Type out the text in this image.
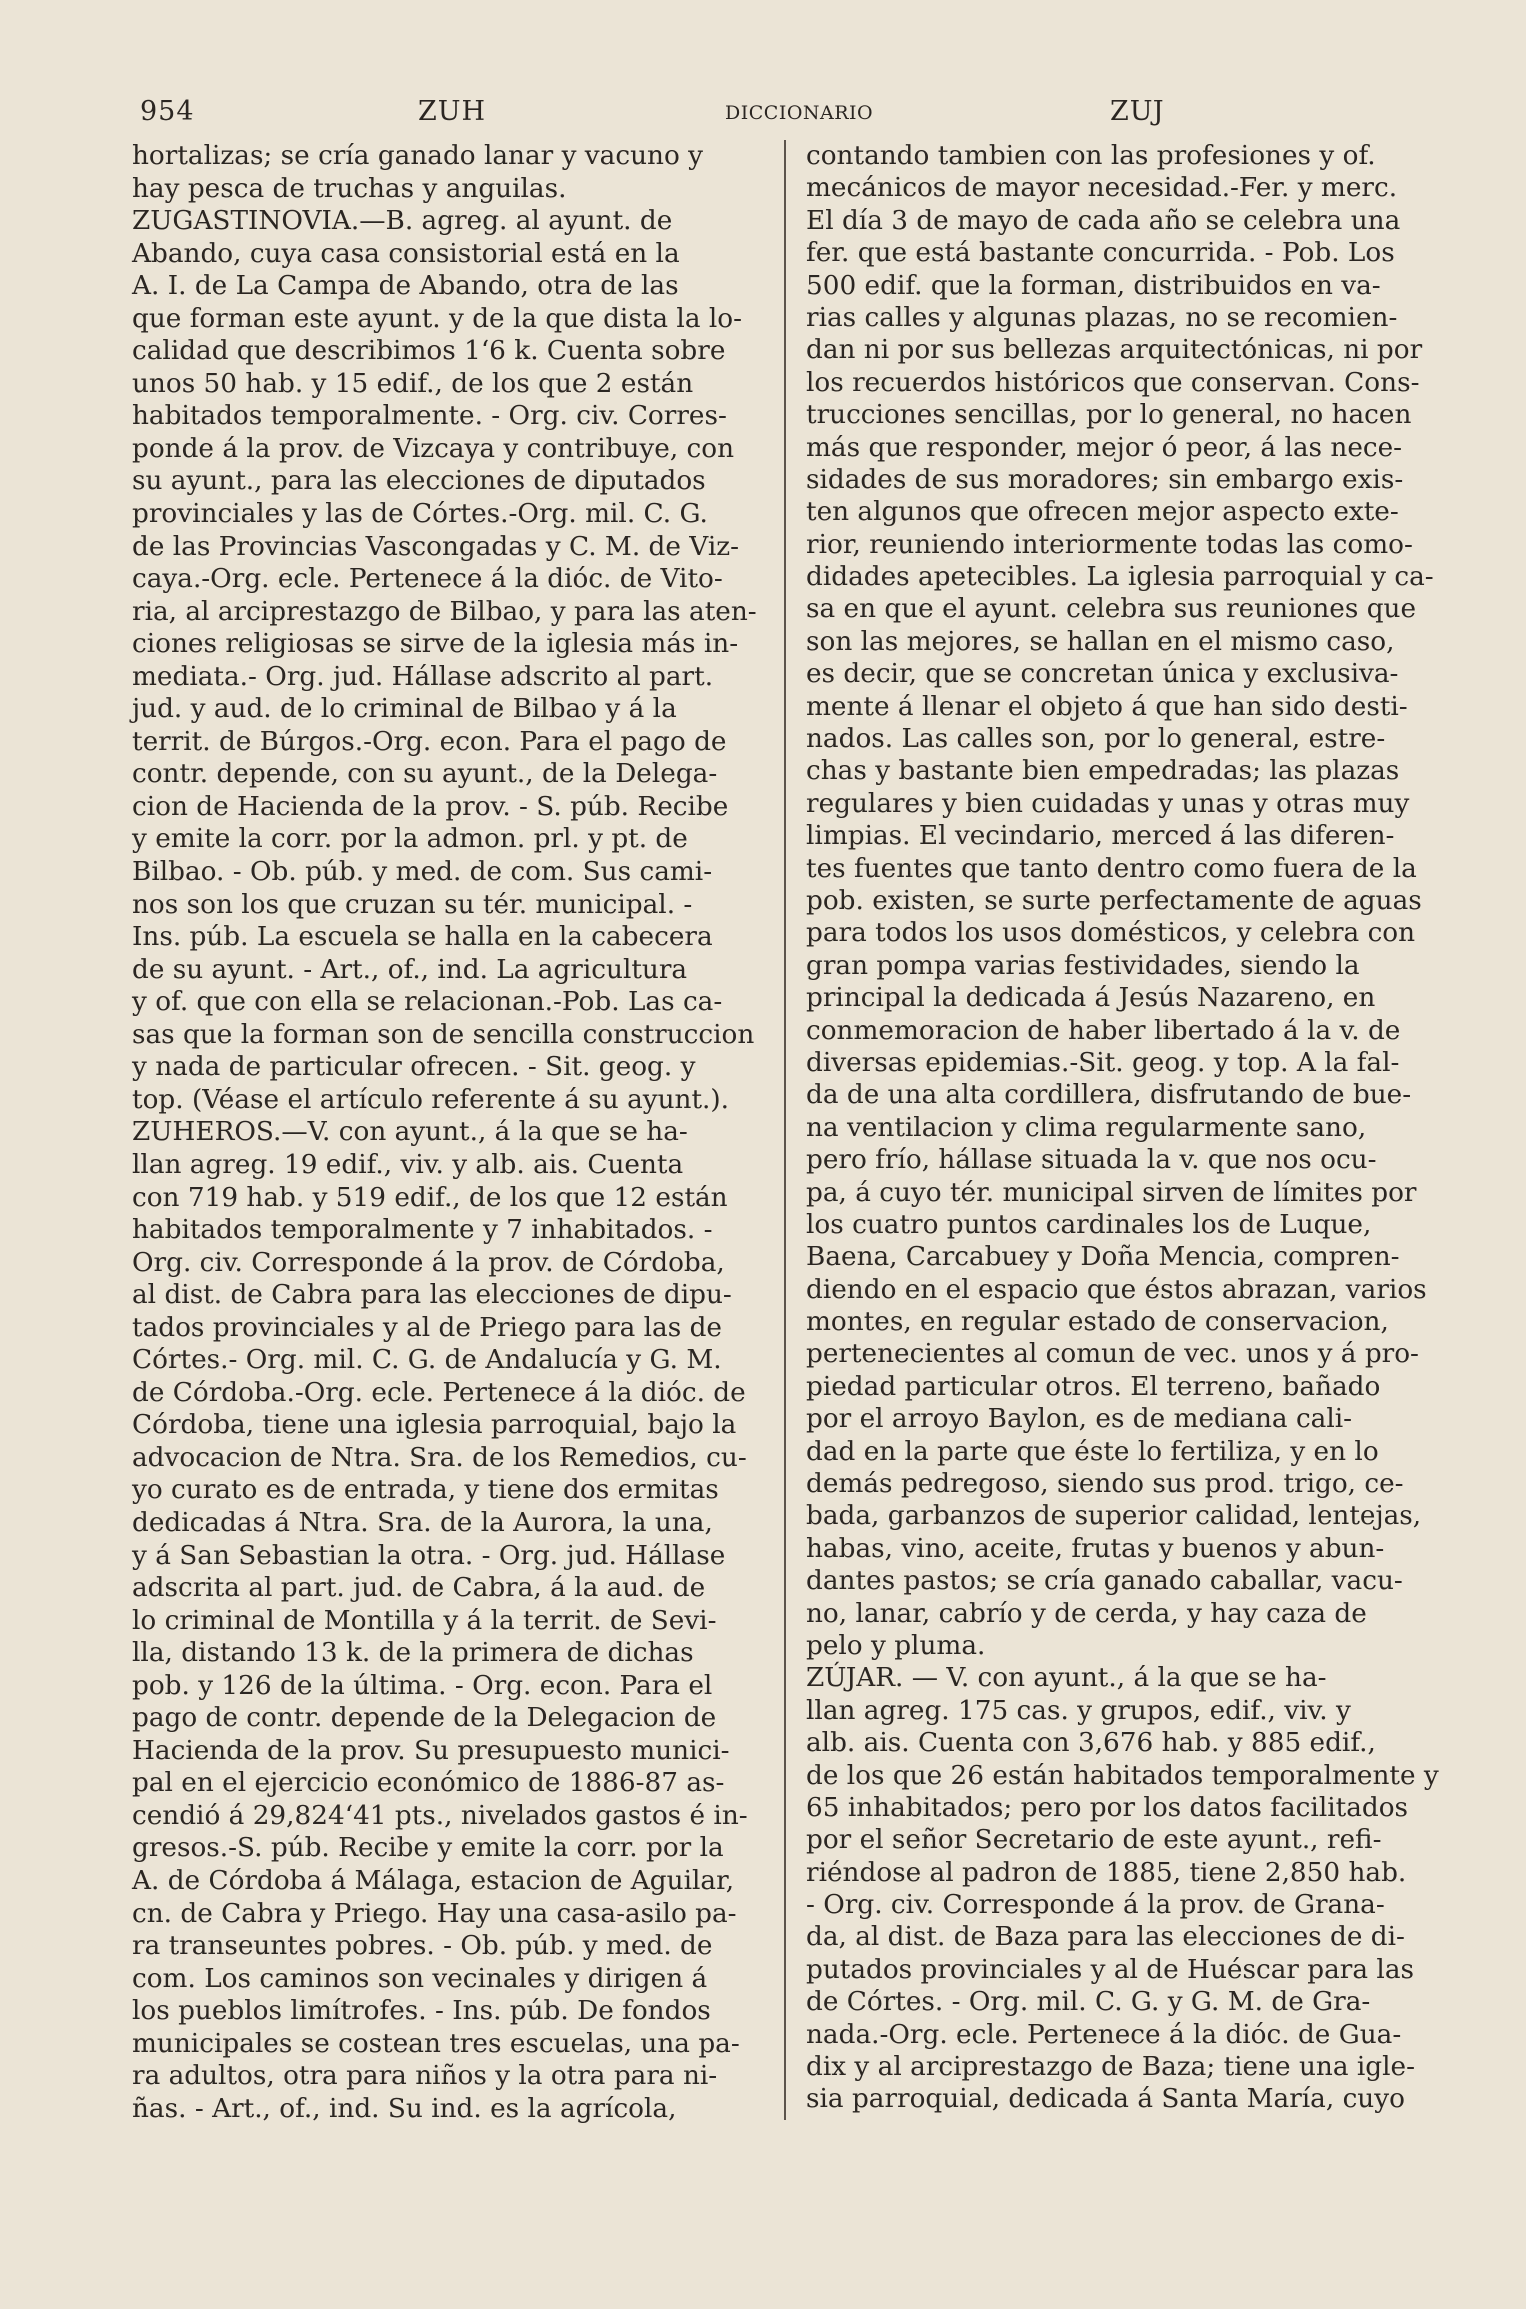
954	ZUH	DICCIONARIO	ZUJ
hortalizas; se cría ganado lanar y vacuno y
hay pesca de truchas y anguilas.
ZUGASTINOVIA.—B. agreg. al ayunt. de
Abando, cuya casa consistorial está en la
A. I. de La Campa de Abando, otra de las
que forman este ayunt. y de la que dista la lo-
calidad que describimos 1‘6 k. Cuenta sobre
unos 50 hab. y 15 edif., de los que 2 están
habitados temporalmente. - Org. civ. Corres-
ponde á la prov. de Vizcaya y contribuye, con
su ayunt., para las elecciones de diputados
provinciales y las de Córtes.-Org. mil. C. G.
de las Provincias Vascongadas y C. M. de Viz-
caya.-Org. ecle. Pertenece á la dióc. de Vito-
ria, al arciprestazgo de Bilbao, y para las aten-
ciones religiosas se sirve de la iglesia más in-
mediata.- Org. jud. Hállase adscrito al part.
jud. y aud. de lo criminal de Bilbao y á la
territ. de Búrgos.-Org. econ. Para el pago de
contr. depende, con su ayunt., de la Delega-
cion de Hacienda de la prov. - S. púb. Recibe
y emite la corr. por la admon. prl. y pt. de
Bilbao. - Ob. púb. y med. de com. Sus cami-
nos son los que cruzan su tér. municipal. -
Ins. púb. La escuela se halla en la cabecera
de su ayunt. - Art., of., ind. La agricultura
y of. que con ella se relacionan.-Pob. Las ca-
sas que la forman son de sencilla construccion
y nada de particular ofrecen. - Sit. geog. y
top. (Véase el artículo referente á su ayunt.).
ZUHEROS.—V. con ayunt., á la que se ha-
llan agreg. 19 edif., viv. y alb. ais. Cuenta
con 719 hab. y 519 edif., de los que 12 están
habitados temporalmente y 7 inhabitados. -
Org. civ. Corresponde á la prov. de Córdoba,
al dist. de Cabra para las elecciones de dipu-
tados provinciales y al de Priego para las de
Córtes.- Org. mil. C. G. de Andalucía y G. M.
de Córdoba.-Org. ecle. Pertenece á la dióc. de
Córdoba, tiene una iglesia parroquial, bajo la
advocacion de Ntra. Sra. de los Remedios, cu-
yo curato es de entrada, y tiene dos ermitas
dedicadas á Ntra. Sra. de la Aurora, la una,
y á San Sebastian la otra. - Org. jud. Hállase
adscrita al part. jud. de Cabra, á la aud. de
lo criminal de Montilla y á la territ. de Sevi-
lla, distando 13 k. de la primera de dichas
pob. y 126 de la última. - Org. econ. Para el
pago de contr. depende de la Delegacion de
Hacienda de la prov. Su presupuesto munici-
pal en el ejercicio económico de 1886-87 as-
cendió á 29,824‘41 pts., nivelados gastos é in-
gresos.-S. púb. Recibe y emite la corr. por la
A. de Córdoba á Málaga, estacion de Aguilar,
cn. de Cabra y Priego. Hay una casa-asilo pa-
ra transeuntes pobres. - Ob. púb. y med. de
com. Los caminos son vecinales y dirigen á
los pueblos limítrofes. - Ins. púb. De fondos
municipales se costean tres escuelas, una pa-
ra adultos, otra para niños y la otra para ni-
ñas. - Art., of., ind. Su ind. es la agrícola,
contando tambien con las profesiones y of.
mecánicos de mayor necesidad.-Fer. y merc.
El día 3 de mayo de cada año se celebra una
fer. que está bastante concurrida. - Pob. Los
500 edif. que la forman, distribuidos en va-
rias calles y algunas plazas, no se recomien-
dan ni por sus bellezas arquitectónicas, ni por
los recuerdos históricos que conservan. Cons-
trucciones sencillas, por lo general, no hacen
más que responder, mejor ó peor, á las nece-
sidades de sus moradores; sin embargo exis-
ten algunos que ofrecen mejor aspecto exte-
rior, reuniendo interiormente todas las como-
didades apetecibles. La iglesia parroquial y ca-
sa en que el ayunt. celebra sus reuniones que
son las mejores, se hallan en el mismo caso,
es decir, que se concretan única y exclusiva-
mente á llenar el objeto á que han sido desti-
nados. Las calles son, por lo general, estre-
chas y bastante bien empedradas; las plazas
regulares y bien cuidadas y unas y otras muy
limpias. El vecindario, merced á las diferen-
tes fuentes que tanto dentro como fuera de la
pob. existen, se surte perfectamente de aguas
para todos los usos domésticos, y celebra con
gran pompa varias festividades, siendo la
principal la dedicada á Jesús Nazareno, en
conmemoracion de haber libertado á la v. de
diversas epidemias.-Sit. geog. y top. A la fal-
da de una alta cordillera, disfrutando de bue-
na ventilacion y clima regularmente sano,
pero frío, hállase situada la v. que nos ocu-
pa, á cuyo tér. municipal sirven de límites por
los cuatro puntos cardinales los de Luque,
Baena, Carcabuey y Doña Mencia, compren-
diendo en el espacio que éstos abrazan, varios
montes, en regular estado de conservacion,
pertenecientes al comun de vec. unos y á pro-
piedad particular otros. El terreno, bañado
por el arroyo Baylon, es de mediana cali-
dad en la parte que éste lo fertiliza, y en lo
demás pedregoso, siendo sus prod. trigo, ce-
bada, garbanzos de superior calidad, lentejas,
habas, vino, aceite, frutas y buenos y abun-
dantes pastos; se cría ganado caballar, vacu-
no, lanar, cabrío y de cerda, y hay caza de
pelo y pluma.
ZÚJAR. — V. con ayunt., á la que se ha-
llan agreg. 175 cas. y grupos, edif., viv. y
alb. ais. Cuenta con 3,676 hab. y 885 edif.,
de los que 26 están habitados temporalmente y
65 inhabitados; pero por los datos facilitados
por el señor Secretario de este ayunt., refi-
riéndose al padron de 1885, tiene 2,850 hab.
- Org. civ. Corresponde á la prov. de Grana-
da, al dist. de Baza para las elecciones de di-
putados provinciales y al de Huéscar para las
de Córtes. - Org. mil. C. G. y G. M. de Gra-
nada.-Org. ecle. Pertenece á la dióc. de Gua-
dix y al arciprestazgo de Baza; tiene una igle-
sia parroquial, dedicada á Santa María, cuyo
